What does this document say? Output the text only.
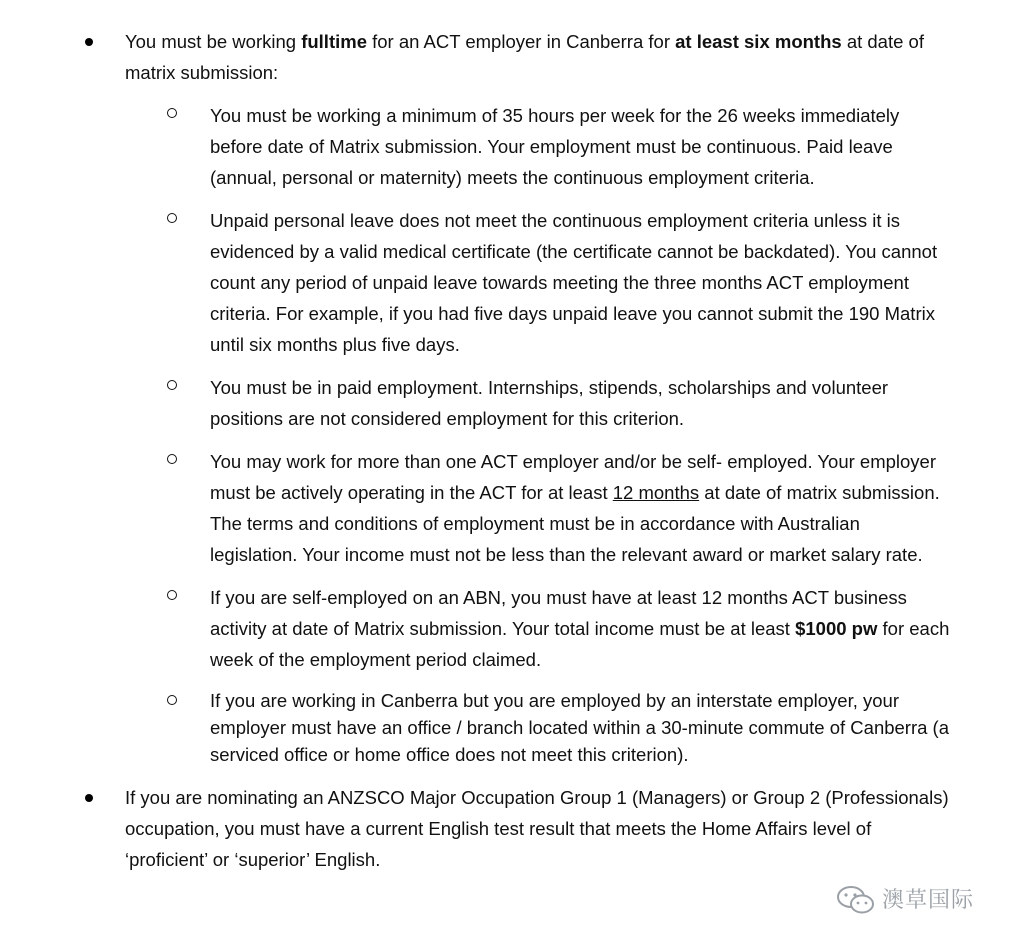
You must be working fulltime for an ACT employer in Canberra for at least six months at date of matrix submission:
You must be working a minimum of 35 hours per week for the 26 weeks immediately before date of Matrix submission. Your employment must be continuous. Paid leave (annual, personal or maternity) meets the continuous employment criteria.
Unpaid personal leave does not meet the continuous employment criteria unless it is evidenced by a valid medical certificate (the certificate cannot be backdated). You cannot count any period of unpaid leave towards meeting the three months ACT employment criteria. For example, if you had five days unpaid leave you cannot submit the 190 Matrix until six months plus five days.
You must be in paid employment. Internships, stipends, scholarships and volunteer positions are not considered employment for this criterion.
You may work for more than one ACT employer and/or be self- employed. Your employer must be actively operating in the ACT for at least 12 months at date of matrix submission. The terms and conditions of employment must be in accordance with Australian legislation. Your income must not be less than the relevant award or market salary rate.
If you are self-employed on an ABN, you must have at least 12 months ACT business activity at date of Matrix submission. Your total income must be at least $1000 pw for each week of the employment period claimed.
If you are working in Canberra but you are employed by an interstate employer, your employer must have an office / branch located within a 30-minute commute of Canberra (a serviced office or home office does not meet this criterion).
If you are nominating an ANZSCO Major Occupation Group 1 (Managers) or Group 2 (Professionals) occupation, you must have a current English test result that meets the Home Affairs level of ‘proficient’ or ‘superior’ English.
澳草国际
